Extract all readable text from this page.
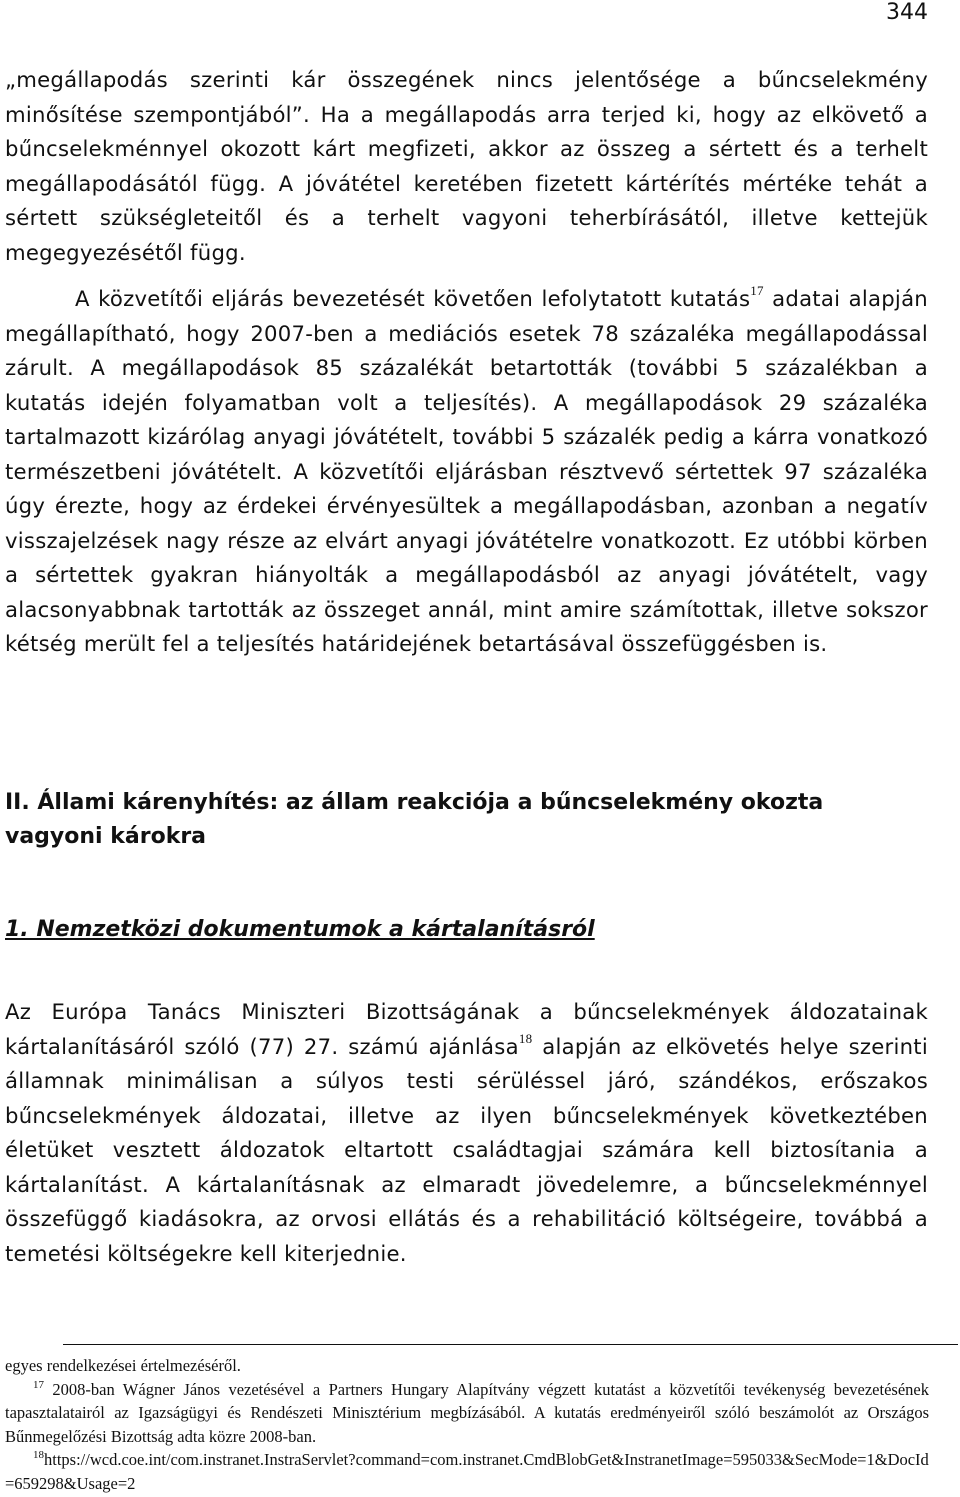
344

„megállapodás szerinti kár összegének nincs jelentősége a bűncselekmény minősítése szempontjából”. Ha a megállapodás arra terjed ki, hogy az elkövető a bűncselekménnyel okozott kárt megfizeti, akkor az összeg a sértett és a terhelt megállapodásától függ. A jóvátétel keretében fizetett kártérítés mértéke tehát a sértett szükségleteitől és a terhelt vagyoni teherbírásától, illetve kettejük megegyezésétől függ.

A közvetítői eljárás bevezetését követően lefolytatott kutatás$^{17}$ adatai alapján megállapítható, hogy 2007-ben a mediációs esetek 78 százaléka megállapodással zárult. A megállapodások 85 százalékát betartották (további 5 százalékban a kutatás idején folyamatban volt a teljesítés). A megállapodások 29 százaléka tartalmazott kizárólag anyagi jóvátételt, további 5 százalék pedig a kárra vonatkozó természetbeni jóvátételt. A közvetítői eljárásban résztvevő sértettek 97 százaléka úgy érezte, hogy az érdekei érvényesültek a megállapodásban, azonban a negatív visszajelzések nagy része az elvárt anyagi jóvátételre vonatkozott. Ez utóbbi körben a sértettek gyakran hiányolták a megállapodásból az anyagi jóvátételt, vagy alacsonyabbnak tartották az összeget annál, mint amire számítottak, illetve sokszor kétség merült fel a teljesítés határidejének betartásával összefüggésben is.

II. Állami kárenyhítés: az állam reakciója a bűncselekmény okozta vagyoni károkra
1. Nemzetközi dokumentumok a kártalanításról

Az Európa Tanács Miniszteri Bizottságának a bűncselekmények áldozatainak kártalanításáról szóló (77) 27. számú ajánlása$^{18}$ alapján az elkövetés helye szerinti államnak minimálisan a súlyos testi sérüléssel járó, szándékos, erőszakos bűncselekmények áldozatai, illetve az ilyen bűncselekmények következtében életüket vesztett áldozatok eltartott családtagjai számára kell biztosítania a kártalanítást. A kártalanításnak az elmaradt jövedelemre, a bűncselekménnyel összefüggő kiadásokra, az orvosi ellátás és a rehabilitáció költségeire, továbbá a temetési költségekre kell kiterjednie.

egyes rendelkezései értelmezéséről.

$^{17}$ 2008-ban Wágner János vezetésével a Partners Hungary Alapítvány végzett kutatást a közvetítői tevékenység bevezetésének tapasztalatairól az Igazságügyi és Rendészeti Minisztérium megbízásából. A kutatás eredményeiről szóló beszámolót az Országos Bűnmegelőzési Bizottság adta közre 2008-ban.

$^{18}$https://wcd.coe.int/com.instranet.InstraServlet?command=com.instranet.CmdBlobGet&InstranetImage=595033&SecMode=1&DocId=659298&Usage=2
